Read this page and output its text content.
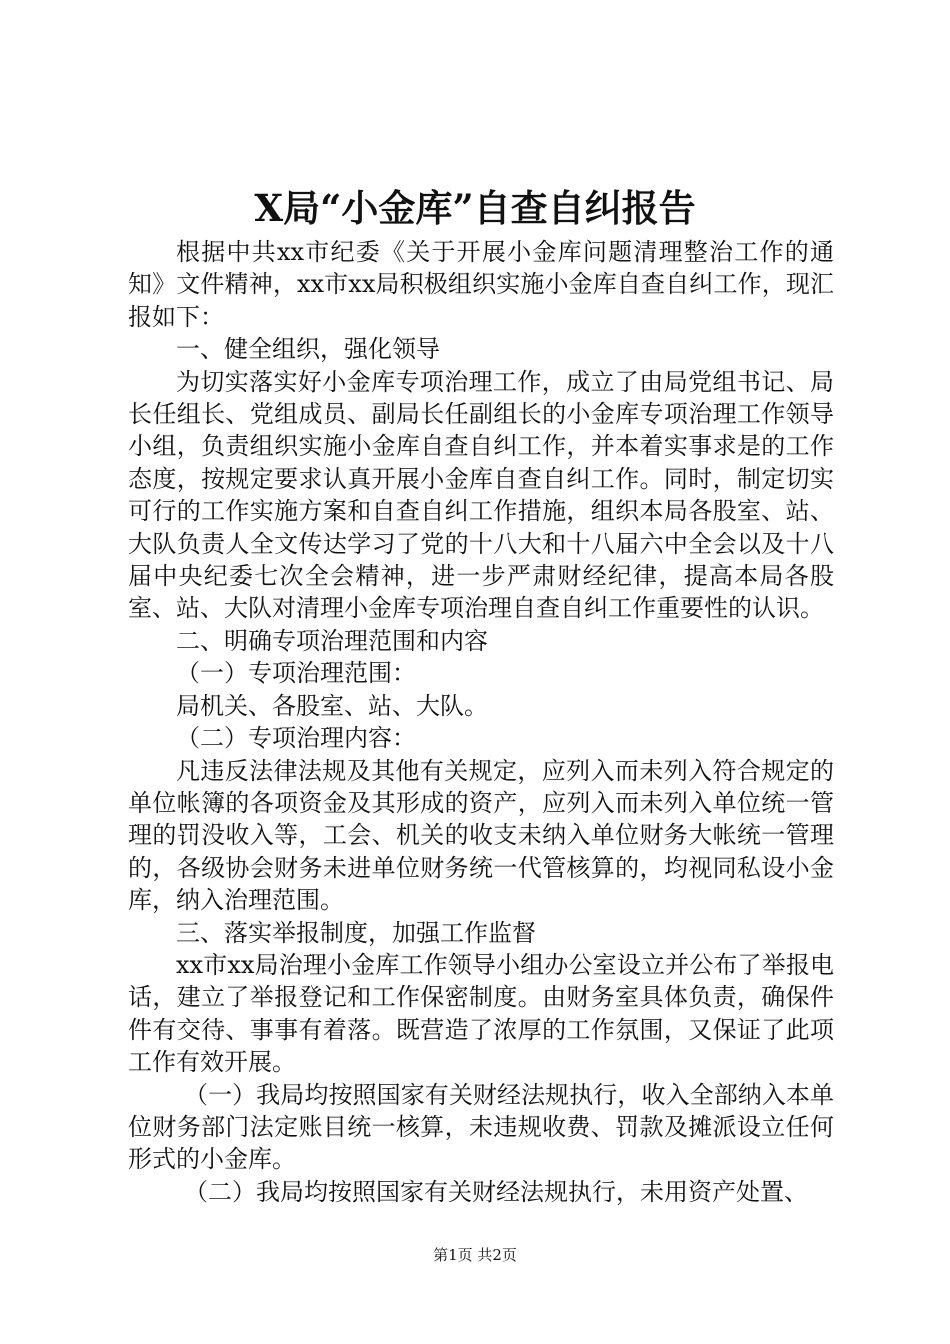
X局“小金库”自查自纠报告

根据中共xx市纪委《关于开展小金库问题清理整治工作的通知》文件精神，xx市xx局积极组织实施小金库自查自纠工作，现汇报如下：

一、健全组织，强化领导

为切实落实好小金库专项治理工作，成立了由局党组书记、局长任组长、党组成员、副局长任副组长的小金库专项治理工作领导小组，负责组织实施小金库自查自纠工作，并本着实事求是的工作态度，按规定要求认真开展小金库自查自纠工作。同时，制定切实可行的工作实施方案和自查自纠工作措施，组织本局各股室、站、大队负责人全文传达学习了党的十八大和十八届六中全会以及十八届中央纪委七次全会精神，进一步严肃财经纪律，提高本局各股室、站、大队对清理小金库专项治理自查自纠工作重要性的认识。

二、明确专项治理范围和内容

（一）专项治理范围：

局机关、各股室、站、大队。

（二）专项治理内容：

凡违反法律法规及其他有关规定，应列入而未列入符合规定的单位帐簿的各项资金及其形成的资产，应列入而未列入单位统一管理的罚没收入等，工会、机关的收支未纳入单位财务大帐统一管理的，各级协会财务未进单位财务统一代管核算的，均视同私设小金库，纳入治理范围。

三、落实举报制度，加强工作监督

xx市xx局治理小金库工作领导小组办公室设立并公布了举报电话，建立了举报登记和工作保密制度。由财务室具体负责，确保件件有交待、事事有着落。既营造了浓厚的工作氛围，又保证了此项工作有效开展。

（一）我局均按照国家有关财经法规执行，收入全部纳入本单位财务部门法定账目统一核算，未违规收费、罚款及摊派设立任何形式的小金库。

（二）我局均按照国家有关财经法规执行，未用资产处置、

第1页 共2页
